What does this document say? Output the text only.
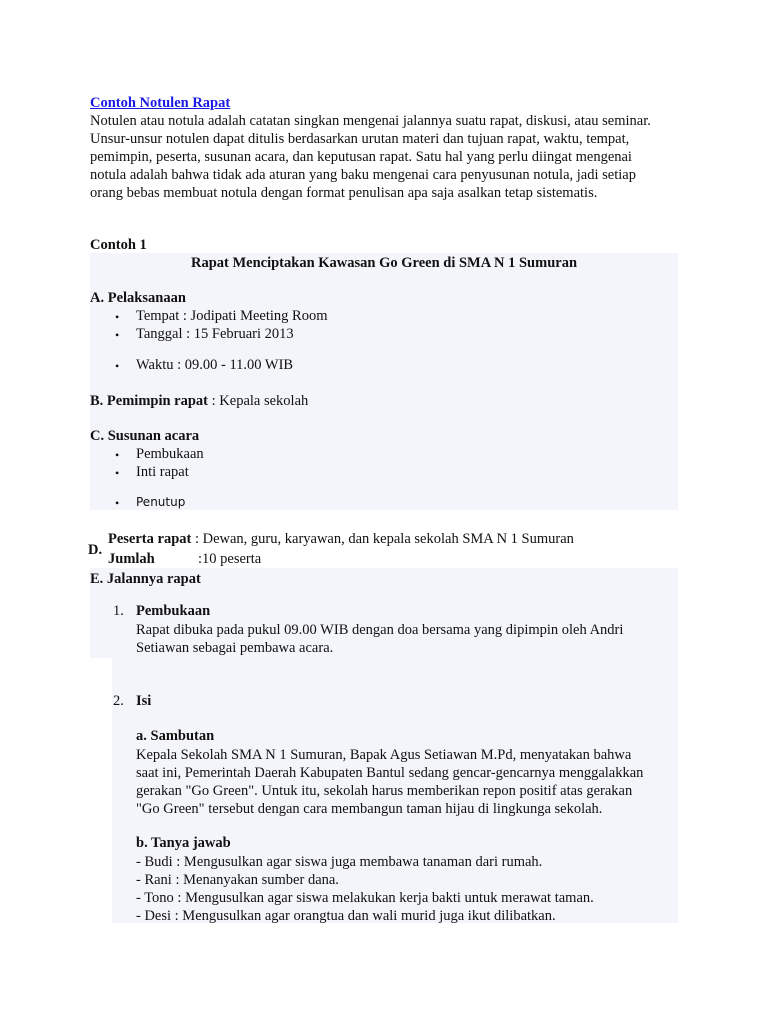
Contoh Notulen Rapat
Notulen atau notula adalah catatan singkan mengenai jalannya suatu rapat, diskusi, atau seminar.
Unsur-unsur notulen dapat ditulis berdasarkan urutan materi dan tujuan rapat, waktu, tempat,
pemimpin, peserta, susunan acara, dan keputusan rapat. Satu hal yang perlu diingat mengenai
notula adalah bahwa tidak ada aturan yang baku mengenai cara penyusunan notula, jadi setiap
orang bebas membuat notula dengan format penulisan apa saja asalkan tetap sistematis.
Contoh 1
Rapat Menciptakan Kawasan Go Green di SMA N 1 Sumuran
A. Pelaksanaan
• Tempat : Jodipati Meeting Room
• Tanggal : 15 Februari 2013
• Waktu : 09.00 - 11.00 WIB
B. Pemimpin rapat : Kepala sekolah
C. Susunan acara
• Pembukaan
• Inti rapat
• Penutup
D.
Peserta rapat : Dewan, guru, karyawan, dan kepala sekolah SMA N 1 Sumuran
Jumlah	:10 peserta
E. Jalannya rapat
1. Pembukaan
Rapat dibuka pada pukul 09.00 WIB dengan doa bersama yang dipimpin oleh Andri
Setiawan sebagai pembawa acara.
2. Isi
a. Sambutan
Kepala Sekolah SMA N 1 Sumuran, Bapak Agus Setiawan M.Pd, menyatakan bahwa
saat ini, Pemerintah Daerah Kabupaten Bantul sedang gencar-gencarnya menggalakkan
gerakan "Go Green". Untuk itu, sekolah harus memberikan repon positif atas gerakan
"Go Green" tersebut dengan cara membangun taman hijau di lingkunga sekolah.
b. Tanya jawab
- Budi : Mengusulkan agar siswa juga membawa tanaman dari rumah.
- Rani : Menanyakan sumber dana.
- Tono : Mengusulkan agar siswa melakukan kerja bakti untuk merawat taman.
- Desi : Mengusulkan agar orangtua dan wali murid juga ikut dilibatkan.
